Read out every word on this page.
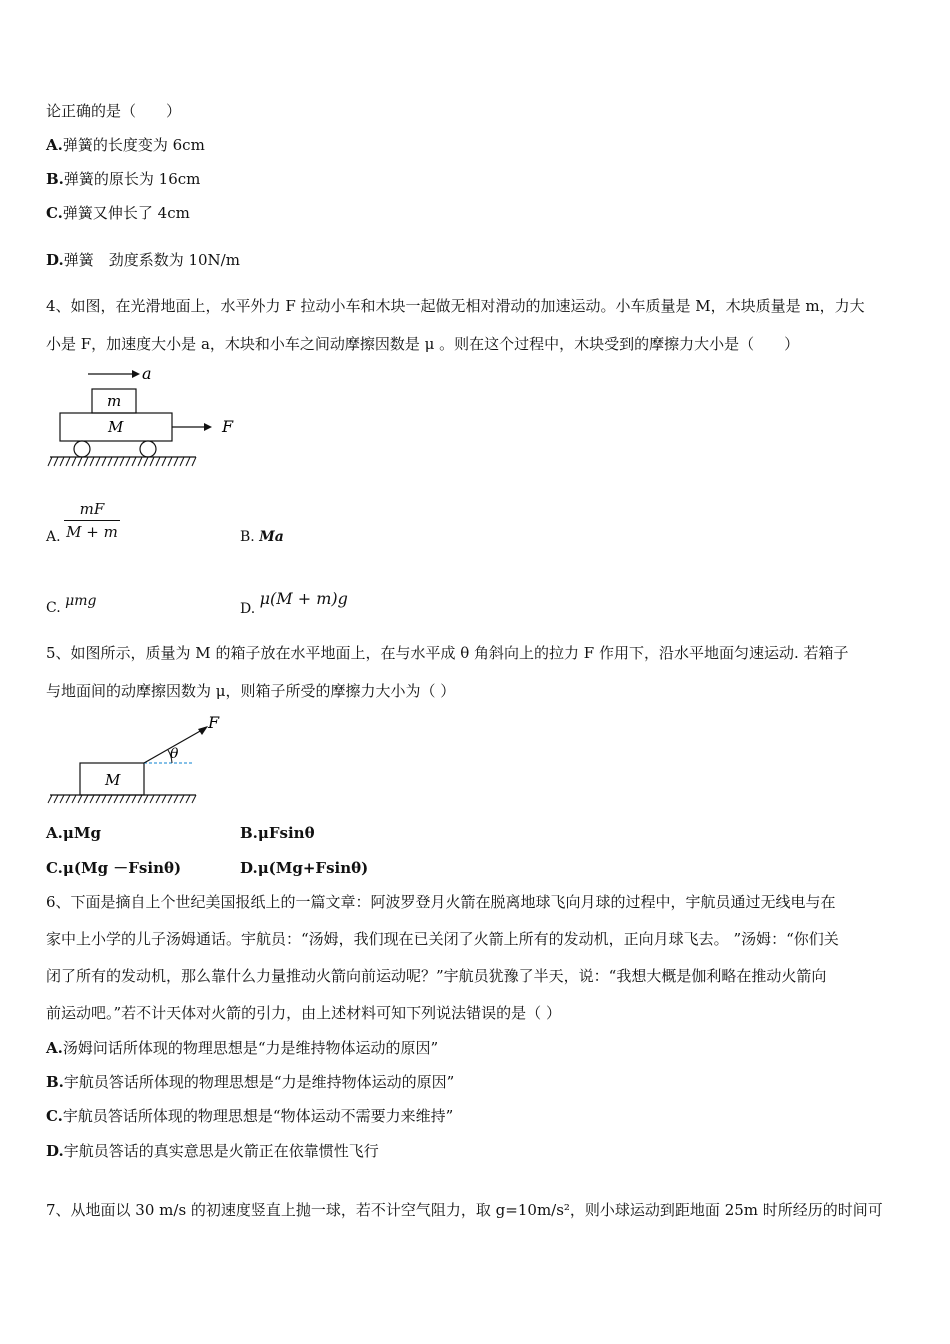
论正确的是（　　）
A.弹簧的长度变为 6cm
B.弹簧的原长为 16cm
C.弹簧又伸长了 4cm
D.弹簧　劲度系数为 10N/m
4、如图，在光滑地面上，水平外力 F 拉动小车和木块一起做无相对滑动的加速运动。小车质量是 M，木块质量是 m，力大
小是 F，加速度大小是 a，木块和小车之间动摩擦因数是 μ 。则在这个过程中，木块受到的摩擦力大小是（　　）
a
m
M	F
A. $\frac{mF}{M + m}$	B. Ma
C. μmg	D. μ(M + m)g
5、如图所示，质量为 M 的箱子放在水平地面上，在与水平成 θ 角斜向上的拉力 F 作用下，沿水平地面匀速运动. 若箱子
与地面间的动摩擦因数为 μ，则箱子所受的摩擦力大小为（ ）
M
θ
F
A.μMg	B.μFsinθ
C.μ(Mg －Fsinθ)	D.μ(Mg+Fsinθ)
6、下面是摘自上个世纪美国报纸上的一篇文章：阿波罗登月火箭在脱离地球飞向月球的过程中，宇航员通过无线电与在
家中上小学的儿子汤姆通话。宇航员：“汤姆，我们现在已关闭了火箭上所有的发动机，正向月球飞去。 ”汤姆：“你们关
闭了所有的发动机，那么靠什么力量推动火箭向前运动呢？”宇航员犹豫了半天，说：“我想大概是伽利略在推动火箭向
前运动吧。”若不计天体对火箭的引力，由上述材料可知下列说法错误的是（ ）
A.汤姆问话所体现的物理思想是“力是维持物体运动的原因”
B.宇航员答话所体现的物理思想是“力是维持物体运动的原因”
C.宇航员答话所体现的物理思想是“物体运动不需要力来维持”
D.宇航员答话的真实意思是火箭正在依靠惯性飞行
7、从地面以 30 m/s 的初速度竖直上抛一球，若不计空气阻力，取 g=10m/s²，则小球运动到距地面 25m 时所经历的时间可
